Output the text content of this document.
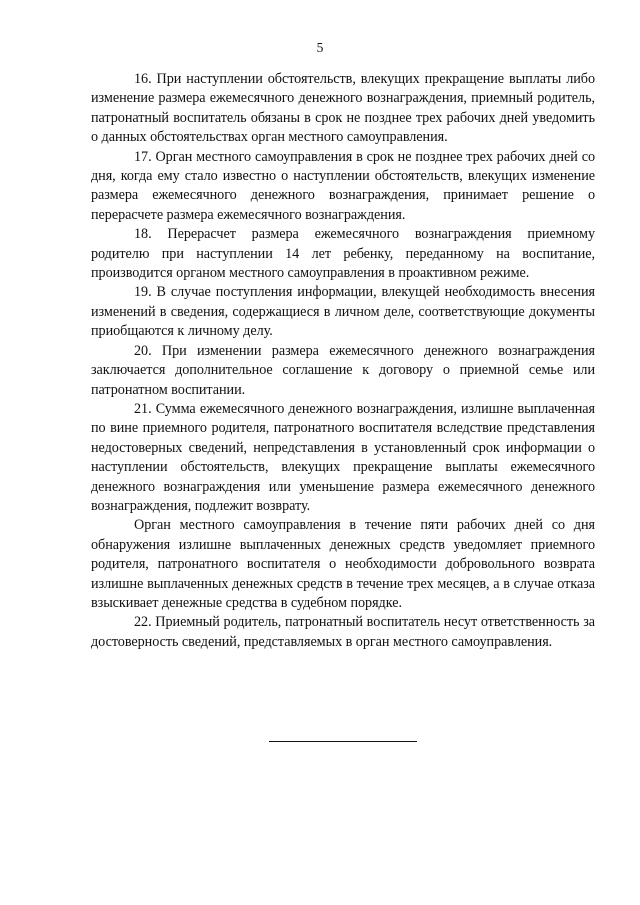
5

16. При наступлении обстоятельств, влекущих прекращение выплаты либо изменение размера ежемесячного денежного вознаграждения, приемный родитель, патронатный воспитатель обязаны в срок не позднее трех рабочих дней уведомить о данных обстоятельствах орган местного самоуправления.

17. Орган местного самоуправления в срок не позднее трех рабочих дней со дня, когда ему стало известно о наступлении обстоятельств, влекущих изменение размера ежемесячного денежного вознаграждения, принимает решение о перерасчете размера ежемесячного вознаграждения.

18. Перерасчет размера ежемесячного вознаграждения приемному родителю при наступлении 14 лет ребенку, переданному на воспитание, производится органом местного самоуправления в проактивном режиме.

19. В случае поступления информации, влекущей необходимость внесения изменений в сведения, содержащиеся в личном деле, соответствующие документы приобщаются к личному делу.

20. При изменении размера ежемесячного денежного вознаграждения заключается дополнительное соглашение к договору о приемной семье или патронатном воспитании.

21. Сумма ежемесячного денежного вознаграждения, излишне выплаченная по вине приемного родителя, патронатного воспитателя вследствие представления недостоверных сведений, непредставления в установленный срок информации о наступлении обстоятельств, влекущих прекращение выплаты ежемесячного денежного вознаграждения или уменьшение размера ежемесячного денежного вознаграждения, подлежит возврату.

Орган местного самоуправления в течение пяти рабочих дней со дня обнаружения излишне выплаченных денежных средств уведомляет приемного родителя, патронатного воспитателя о необходимости добровольного возврата излишне выплаченных денежных средств в течение трех месяцев, а в случае отказа взыскивает денежные средства в судебном порядке.

22. Приемный родитель, патронатный воспитатель несут ответственность за достоверность сведений, представляемых в орган местного самоуправления.
